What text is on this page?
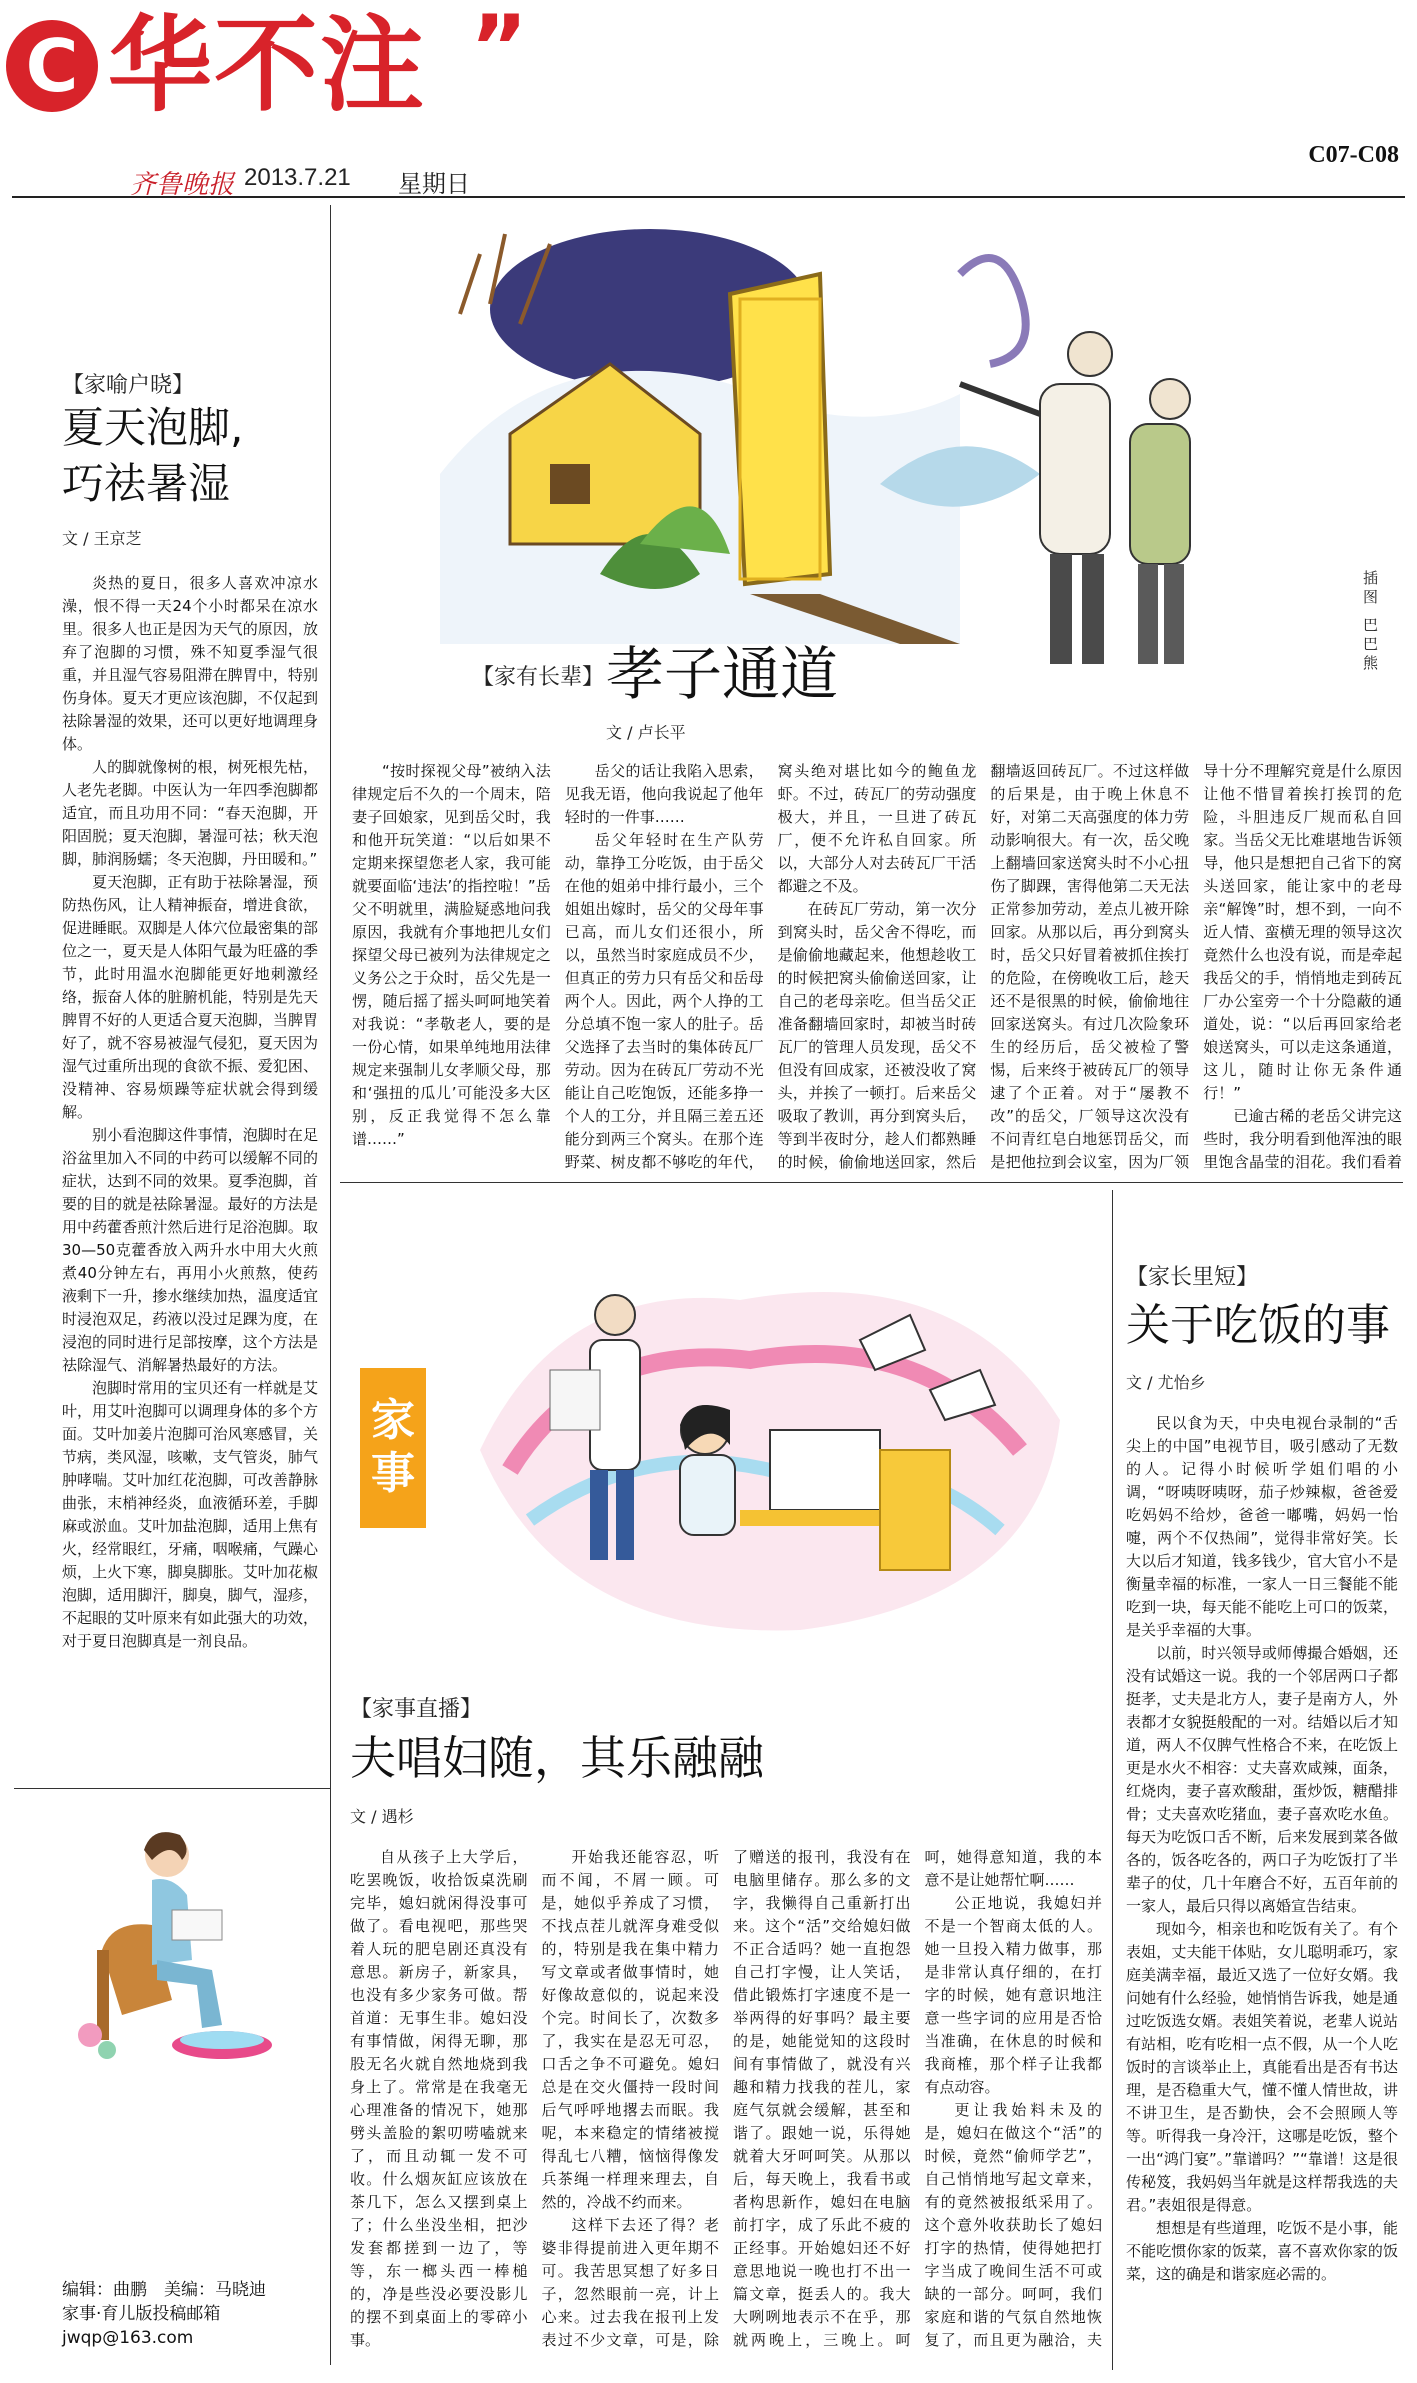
C 华不注 ”
齐鲁晚报 2013.7.21 星期日
C07-C08
【家喻户晓】
夏天泡脚,
巧祛暑湿
文 / 王京芝

炎热的夏日，很多人喜欢冲凉水澡，恨不得一天24个小时都呆在凉水里。很多人也正是因为天气的原因，放弃了泡脚的习惯，殊不知夏季湿气很重，并且湿气容易阻滞在脾胃中，特别伤身体。夏天才更应该泡脚，不仅起到祛除暑湿的效果，还可以更好地调理身体。

人的脚就像树的根，树死根先枯，人老先老脚。中医认为一年四季泡脚都适宜，而且功用不同：“春天泡脚，开阳固脱；夏天泡脚，暑湿可祛；秋天泡脚，肺润肠蠕；冬天泡脚，丹田暖和。”

夏天泡脚，正有助于祛除暑湿，预防热伤风，让人精神振奋，增进食欲，促进睡眠。双脚是人体穴位最密集的部位之一，夏天是人体阳气最为旺盛的季节，此时用温水泡脚能更好地刺激经络，振奋人体的脏腑机能，特别是先天脾胃不好的人更适合夏天泡脚，当脾胃好了，就不容易被湿气侵犯，夏天因为湿气过重所出现的食欲不振、爱犯困、没精神、容易烦躁等症状就会得到缓解。

别小看泡脚这件事情，泡脚时在足浴盆里加入不同的中药可以缓解不同的症状，达到不同的效果。夏季泡脚，首要的目的就是祛除暑湿。最好的方法是用中药藿香煎汁然后进行足浴泡脚。取30—50克藿香放入两升水中用大火煎煮40分钟左右，再用小火煎熬，使药液剩下一升，掺水继续加热，温度适宜时浸泡双足，药液以没过足踝为度，在浸泡的同时进行足部按摩，这个方法是祛除湿气、消解暑热最好的方法。

泡脚时常用的宝贝还有一样就是艾叶，用艾叶泡脚可以调理身体的多个方面。艾叶加姜片泡脚可治风寒感冒，关节病，类风湿，咳嗽，支气管炎，肺气肿哮喘。艾叶加红花泡脚，可改善静脉曲张，末梢神经炎，血液循环差，手脚麻或淤血。艾叶加盐泡脚，适用上焦有火，经常眼红，牙痛，咽喉痛，气躁心烦，上火下寒，脚臭脚胀。艾叶加花椒泡脚，适用脚汗，脚臭，脚气，湿疹，不起眼的艾叶原来有如此强大的功效，对于夏日泡脚真是一剂良品。

编辑：曲鹏　美编：马晓迪
家事·育儿版投稿邮箱
jwqp@163.com
插图 巴巴熊
【家有长辈】 孝子通道
文 / 卢长平

“按时探视父母”被纳入法律规定后不久的一个周末，陪妻子回娘家，见到岳父时，我和他开玩笑道：“以后如果不定期来探望您老人家，我可能就要面临‘违法’的指控啦！”岳父不明就里，满脸疑惑地问我原因，我就有介事地把儿女们探望父母已被列为法律规定之义务公之于众时，岳父先是一愣，随后摇了摇头呵呵地笑着对我说：“孝敬老人，要的是一份心情，如果单纯地用法律规定来强制儿女孝顺父母，那和‘强扭的瓜儿’可能没多大区别，反正我觉得不怎么靠谱……”

岳父的话让我陷入思索，见我无语，他向我说起了他年轻时的一件事……

岳父年轻时在生产队劳动，靠挣工分吃饭，由于岳父在他的姐弟中排行最小，三个姐姐出嫁时，岳父的父母年事已高，而儿女们还很小，所以，虽然当时家庭成员不少，但真正的劳力只有岳父和岳母两个人。因此，两个人挣的工分总填不饱一家人的肚子。岳父选择了去当时的集体砖瓦厂劳动。因为在砖瓦厂劳动不光能让自己吃饱饭，还能多挣一个人的工分，并且隔三差五还能分到两三个窝头。在那个连野菜、树皮都不够吃的年代，窝头绝对堪比如今的鲍鱼龙虾。不过，砖瓦厂的劳动强度极大，并且，一旦进了砖瓦厂，便不允许私自回家。所以，大部分人对去砖瓦厂干活都避之不及。

在砖瓦厂劳动，第一次分到窝头时，岳父舍不得吃，而是偷偷地藏起来，他想趁收工的时候把窝头偷偷送回家，让自己的老母亲吃。但当岳父正准备翻墙回家时，却被当时砖瓦厂的管理人员发现，岳父不但没有回成家，还被没收了窝头，并挨了一顿打。后来岳父吸取了教训，再分到窝头后，等到半夜时分，趁人们都熟睡的时候，偷偷地送回家，然后翻墙返回砖瓦厂。不过这样做的后果是，由于晚上休息不好，对第二天高强度的体力劳动影响很大。有一次，岳父晚上翻墙回家送窝头时不小心扭伤了脚踝，害得他第二天无法正常参加劳动，差点儿被开除回家。从那以后，再分到窝头时，岳父只好冒着被抓住挨打的危险，在傍晚收工后，趁天还不是很黑的时候，偷偷地往回家送窝头。有过几次险象环生的经历后，岳父被检了警惕，后来终于被砖瓦厂的领导逮了个正着。对于“屡教不改”的岳父，厂领导这次没有不问青红皂白地惩罚岳父，而是把他拉到会议室，因为厂领导十分不理解究竟是什么原因让他不惜冒着挨打挨罚的危险，斗胆违反厂规而私自回家。当岳父无比难堪地告诉领导，他只是想把自己省下的窝头送回家，能让家中的老母亲“解馋”时，想不到，一向不近人情、蛮横无理的领导这次竟然什么也没有说，而是牵起我岳父的手，悄悄地走到砖瓦厂办公室旁一个十分隐蔽的通道处，说：“以后再回家给老娘送窝头，可以走这条通道，这儿，随时让你无条件通行！”

已逾古稀的老岳父讲完这些时，我分明看到他浑浊的眼里饱含晶莹的泪花。我们看着

家
事
【家事直播】
夫唱妇随，其乐融融
文 / 遇杉

自从孩子上大学后，吃罢晚饭，收拾饭桌洗刷完毕，媳妇就闲得没事可做了。看电视吧，那些哭着人玩的肥皂剧还真没有意思。新房子，新家具，也没有多少家务可做。帮首道：无事生非。媳妇没有事情做，闲得无聊，那股无名火就自然地烧到我身上了。常常是在我毫无心理准备的情况下，她那劈头盖脸的絮叨唠嗑就来了，而且动辄一发不可收。什么烟灰缸应该放在茶几下，怎么又摆到桌上了；什么坐没坐相，把沙发套都搓到一边了，等等，东一榔头西一棒槌的，净是些没必要没影儿的摆不到桌面上的零碎小事。

开始我还能容忍，听而不闻，不屑一顾。可是，她似乎养成了习惯，不找点茬儿就浑身难受似的，特别是我在集中精力写文章或者做事情时，她好像故意似的，说起来没个完。时间长了，次数多了，我实在是忍无可忍，口舌之争不可避免。媳妇总是在交火僵持一段时间后气呼呼地撂去而眠。我呢，本来稳定的情绪被搅得乱七八糟，恼恼得像发兵茶绳一样理来理去，自然的，冷战不约而来。

这样下去还了得？老婆非得提前进入更年期不可。我苦思冥想了好多日子，忽然眼前一亮，计上心来。过去我在报刊上发表过不少文章，可是，除了赠送的报刊，我没有在电脑里储存。那么多的文字，我懒得自己重新打出来。这个“活”交给媳妇做不正合适吗？她一直抱怨自己打字慢，让人笑话，借此锻炼打字速度不是一举两得的好事吗？最主要的是，她能觉知的这段时间有事情做了，就没有兴趣和精力找我的茬儿，家庭气氛就会缓解，甚至和谐了。跟她一说，乐得她就着大牙呵呵笑。从那以后，每天晚上，我看书或者构思新作，媳妇在电脑前打字，成了乐此不疲的正经事。开始媳妇还不好意思地说一晚也打不出一篇文章，挺丢人的。我大大咧咧地表示不在乎，那就两晚上，三晚上。呵呵，她得意知道，我的本意不是让她帮忙啊……

公正地说，我媳妇并不是一个智商太低的人。她一旦投入精力做事，那是非常认真仔细的，在打字的时候，她有意识地注意一些字词的应用是否恰当准确，在休息的时候和我商榷，那个样子让我都有点动容。

更让我始料未及的是，媳妇在做这个“活”的时候，竟然“偷师学艺”，自己悄悄地写起文章来，有的竟然被报纸采用了。这个意外收获助长了媳妇打字的热情，使得她把打字当成了晚间生活不可或缺的一部分。呵呵，我们家庭和谐的气氛自然地恢复了，而且更为融洽，夫

【家长里短】
关于吃饭的事
文 / 尤怡乡

民以食为天，中央电视台录制的“舌尖上的中国”电视节目，吸引感动了无数的人。记得小时候听学姐们唱的小调，“呀咦呀咦呀，茄子炒辣椒，爸爸爱吃妈妈不给炒，爸爸一嘟嘴，妈妈一怡嚏，两个不仅热闹”，觉得非常好笑。长大以后才知道，钱多钱少，官大官小不是衡量幸福的标准，一家人一日三餐能不能吃到一块，每天能不能吃上可口的饭菜，是关乎幸福的大事。

以前，时兴领导或师傅撮合婚姻，还没有试婚这一说。我的一个邻居两口子都挺孝，丈夫是北方人，妻子是南方人，外表都才女貌挺般配的一对。结婚以后才知道，两人不仅脾气性格合不来，在吃饭上更是水火不相容：丈夫喜欢咸辣，面条，红烧肉，妻子喜欢酸甜，蛋炒饭，糖醋排骨；丈夫喜欢吃猪血，妻子喜欢吃水鱼。每天为吃饭口舌不断，后来发展到菜各做各的，饭各吃各的，两口子为吃饭打了半辈子的仗，几十年磨合不好，五百年前的一家人，最后只得以离婚宣告结束。

现如今，相亲也和吃饭有关了。有个表姐，丈夫能干体贴，女儿聪明乖巧，家庭美满幸福，最近又选了一位好女婿。我问她有什么经验，她悄悄告诉我，她是通过吃饭选女婿。表姐笑着说，老辈人说站有站相，吃有吃相一点不假，从一个人吃饭时的言谈举止上，真能看出是否有书达理，是否稳重大气，懂不懂人情世故，讲不讲卫生，是否勤快，会不会照顾人等等。听得我一身冷汗，这哪是吃饭，整个一出“鸿门宴”。”靠谱吗？”“靠谱！这是很传秘笈，我妈妈当年就是这样帮我选的夫君。”表姐很是得意。

想想是有些道理，吃饭不是小事，能不能吃惯你家的饭菜，喜不喜欢你家的饭菜，这的确是和谐家庭必需的。
